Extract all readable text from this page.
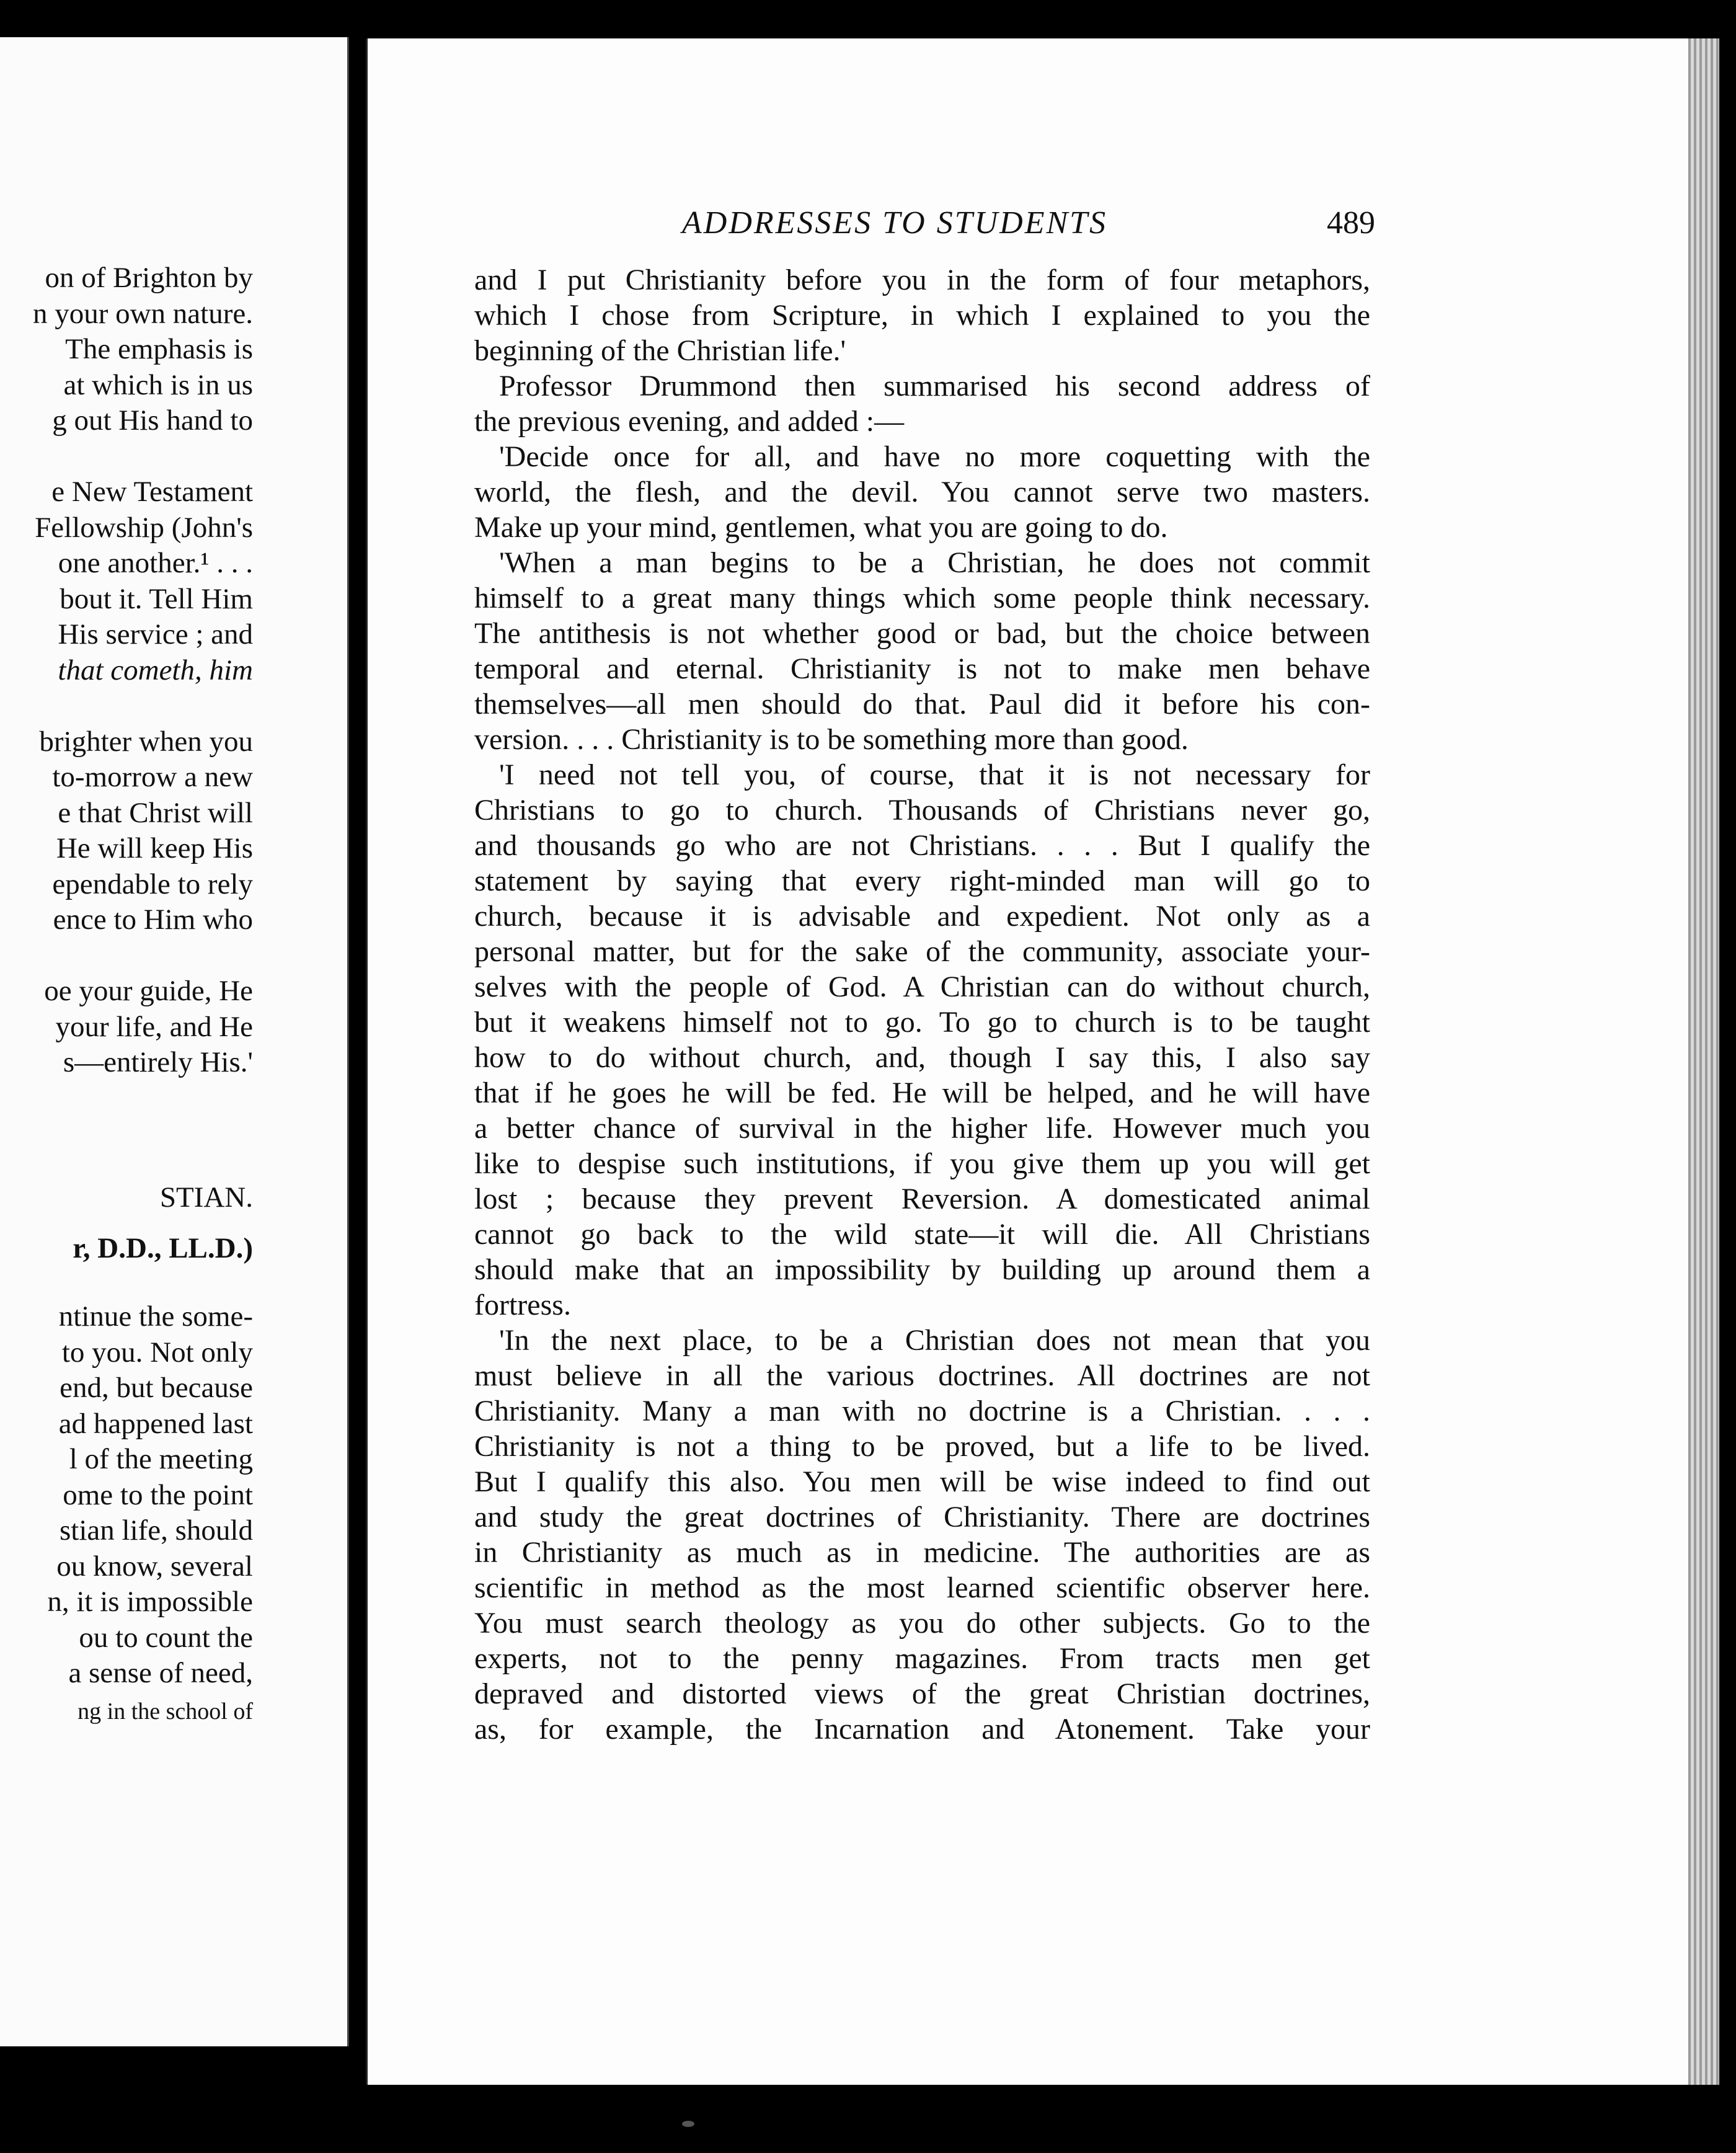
on of Brighton by
n your own nature.
The emphasis is
at which is in us
g out His hand to
e New Testament
Fellowship (John's
one another.¹ . . .
bout it. Tell Him
His service ; and
that cometh, him
brighter when you
to-morrow a new
e that Christ will
He will keep His
ependable to rely
ence to Him who
oe your guide, He
your life, and He
s—entirely His.'
STIAN.
r, D.D., LL.D.)
ntinue the some-
to you. Not only
end, but because
ad happened last
l of the meeting
ome to the point
stian life, should
ou know, several
n, it is impossible
ou to count the
a sense of need,
ng in the school of
ADDRESSES TO STUDENTS	489
and I put Christianity before you in the form of four metaphors,
which I chose from Scripture, in which I explained to you the
beginning of the Christian life.'
Professor Drummond then summarised his second address of
the previous evening, and added :—
'Decide once for all, and have no more coquetting with the
world, the flesh, and the devil. You cannot serve two masters.
Make up your mind, gentlemen, what you are going to do.
'When a man begins to be a Christian, he does not commit
himself to a great many things which some people think necessary.
The antithesis is not whether good or bad, but the choice between
temporal and eternal. Christianity is not to make men behave
themselves—all men should do that. Paul did it before his con-
version. . . . Christianity is to be something more than good.
'I need not tell you, of course, that it is not necessary for
Christians to go to church. Thousands of Christians never go,
and thousands go who are not Christians. . . . But I qualify the
statement by saying that every right-minded man will go to
church, because it is advisable and expedient. Not only as a
personal matter, but for the sake of the community, associate your-
selves with the people of God. A Christian can do without church,
but it weakens himself not to go. To go to church is to be taught
how to do without church, and, though I say this, I also say
that if he goes he will be fed. He will be helped, and he will have
a better chance of survival in the higher life. However much you
like to despise such institutions, if you give them up you will get
lost ; because they prevent Reversion. A domesticated animal
cannot go back to the wild state—it will die. All Christians
should make that an impossibility by building up around them a
fortress.
'In the next place, to be a Christian does not mean that you
must believe in all the various doctrines. All doctrines are not
Christianity. Many a man with no doctrine is a Christian. . . .
Christianity is not a thing to be proved, but a life to be lived.
But I qualify this also. You men will be wise indeed to find out
and study the great doctrines of Christianity. There are doctrines
in Christianity as much as in medicine. The authorities are as
scientific in method as the most learned scientific observer here.
You must search theology as you do other subjects. Go to the
experts, not to the penny magazines. From tracts men get
depraved and distorted views of the great Christian doctrines,
as, for example, the Incarnation and Atonement. Take your
